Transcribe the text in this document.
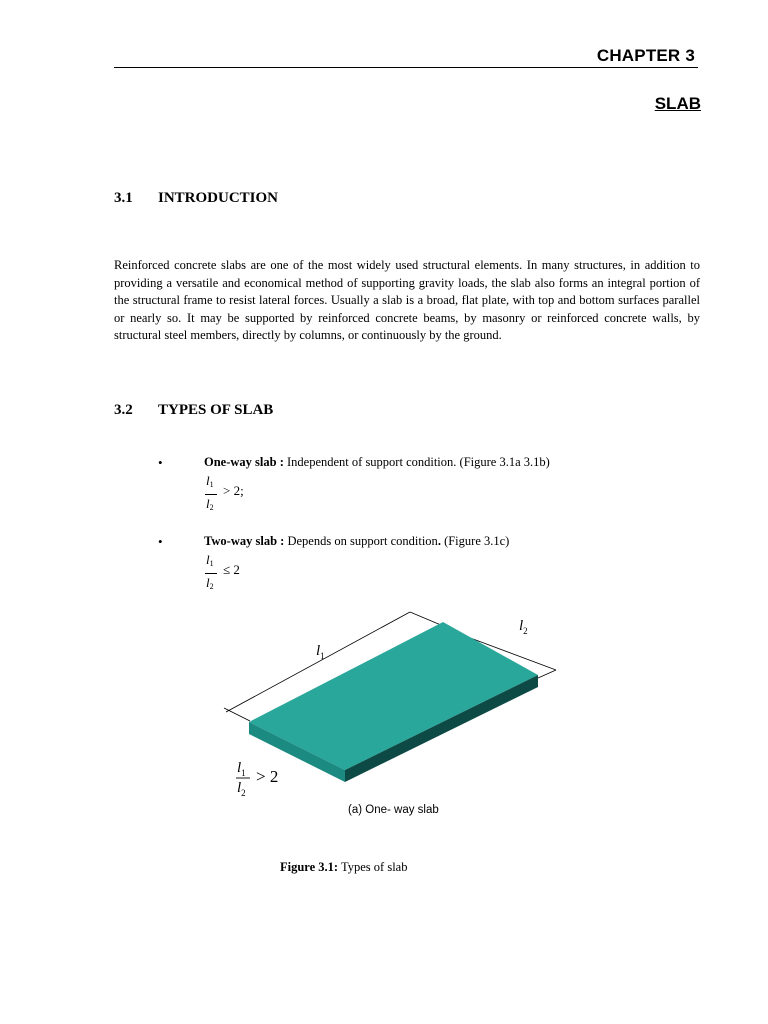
CHAPTER 3
SLAB
3.1 INTRODUCTION
Reinforced concrete slabs are one of the most widely used structural elements. In many structures, in addition to providing a versatile and economical method of supporting gravity loads, the slab also forms an integral portion of the structural frame to resist lateral forces. Usually a slab is a broad, flat plate, with top and bottom surfaces parallel or nearly so. It may be supported by reinforced concrete beams, by masonry or reinforced concrete walls, by structural steel members, directly by columns, or continuously by the ground.
3.2 TYPES OF SLAB
•	One-way slab : Independent of support condition. (Figure 3.1a 3.1b)
$l_1$
$l_2$
> 2;
•	Two-way slab : Depends on support condition. (Figure 3.1c)
$l_1$
$l_2$
≤ 2
$l_1$
$l_2$
$l_1$
$l_2$
> 2
(a) One- way slab
Figure 3.1: Types of slab
